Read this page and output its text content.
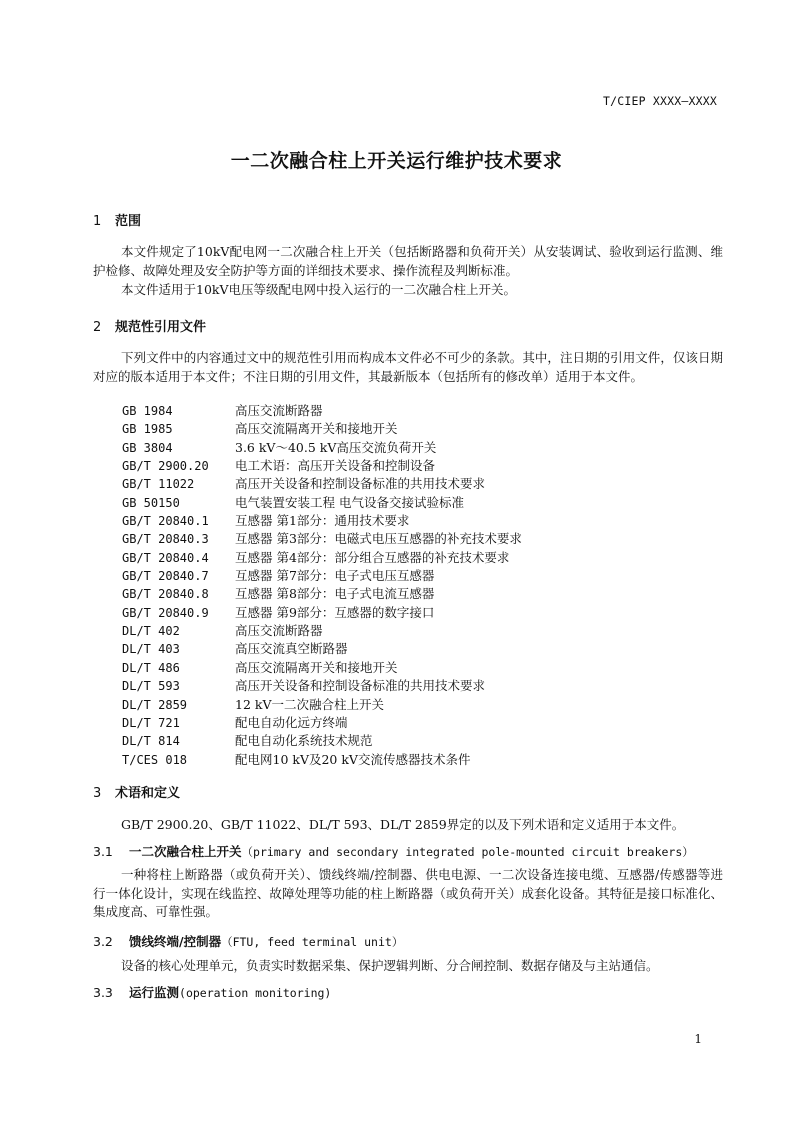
T/CIEP XXXX—XXXX
一二次融合柱上开关运行维护技术要求
1 范围
本文件规定了10kV配电网一二次融合柱上开关（包括断路器和负荷开关）从安装调试、验收到运行监测、维护检修、故障处理及安全防护等方面的详细技术要求、操作流程及判断标准。
本文件适用于10kV电压等级配电网中投入运行的一二次融合柱上开关。
2 规范性引用文件
下列文件中的内容通过文中的规范性引用而构成本文件必不可少的条款。其中，注日期的引用文件，仅该日期对应的版本适用于本文件；不注日期的引用文件，其最新版本（包括所有的修改单）适用于本文件。
GB 1984	高压交流断路器
GB 1985	高压交流隔离开关和接地开关
GB 3804	3.6 kV～40.5 kV高压交流负荷开关
GB/T 2900.20	电工术语：高压开关设备和控制设备
GB/T 11022	高压开关设备和控制设备标准的共用技术要求
GB 50150	电气装置安装工程 电气设备交接试验标准
GB/T 20840.1	互感器 第1部分：通用技术要求
GB/T 20840.3	互感器 第3部分：电磁式电压互感器的补充技术要求
GB/T 20840.4	互感器 第4部分：部分组合互感器的补充技术要求
GB/T 20840.7	互感器 第7部分：电子式电压互感器
GB/T 20840.8	互感器 第8部分：电子式电流互感器
GB/T 20840.9	互感器 第9部分：互感器的数字接口
DL/T 402	高压交流断路器
DL/T 403	高压交流真空断路器
DL/T 486	高压交流隔离开关和接地开关
DL/T 593	高压开关设备和控制设备标准的共用技术要求
DL/T 2859	12 kV一二次融合柱上开关
DL/T 721	配电自动化远方终端
DL/T 814	配电自动化系统技术规范
T/CES 018	配电网10 kV及20 kV交流传感器技术条件
3 术语和定义
GB/T 2900.20、GB/T 11022、DL/T 593、DL/T 2859界定的以及下列术语和定义适用于本文件。
3.1 一二次融合柱上开关（primary and secondary integrated pole-mounted circuit breakers）
一种将柱上断路器（或负荷开关）、馈线终端/控制器、供电电源、一二次设备连接电缆、互感器/传感器等进行一体化设计，实现在线监控、故障处理等功能的柱上断路器（或负荷开关）成套化设备。其特征是接口标准化、集成度高、可靠性强。
3.2 馈线终端/控制器（FTU, feed terminal unit）
设备的核心处理单元，负责实时数据采集、保护逻辑判断、分合闸控制、数据存储及与主站通信。
3.3 运行监测(operation monitoring)
1
